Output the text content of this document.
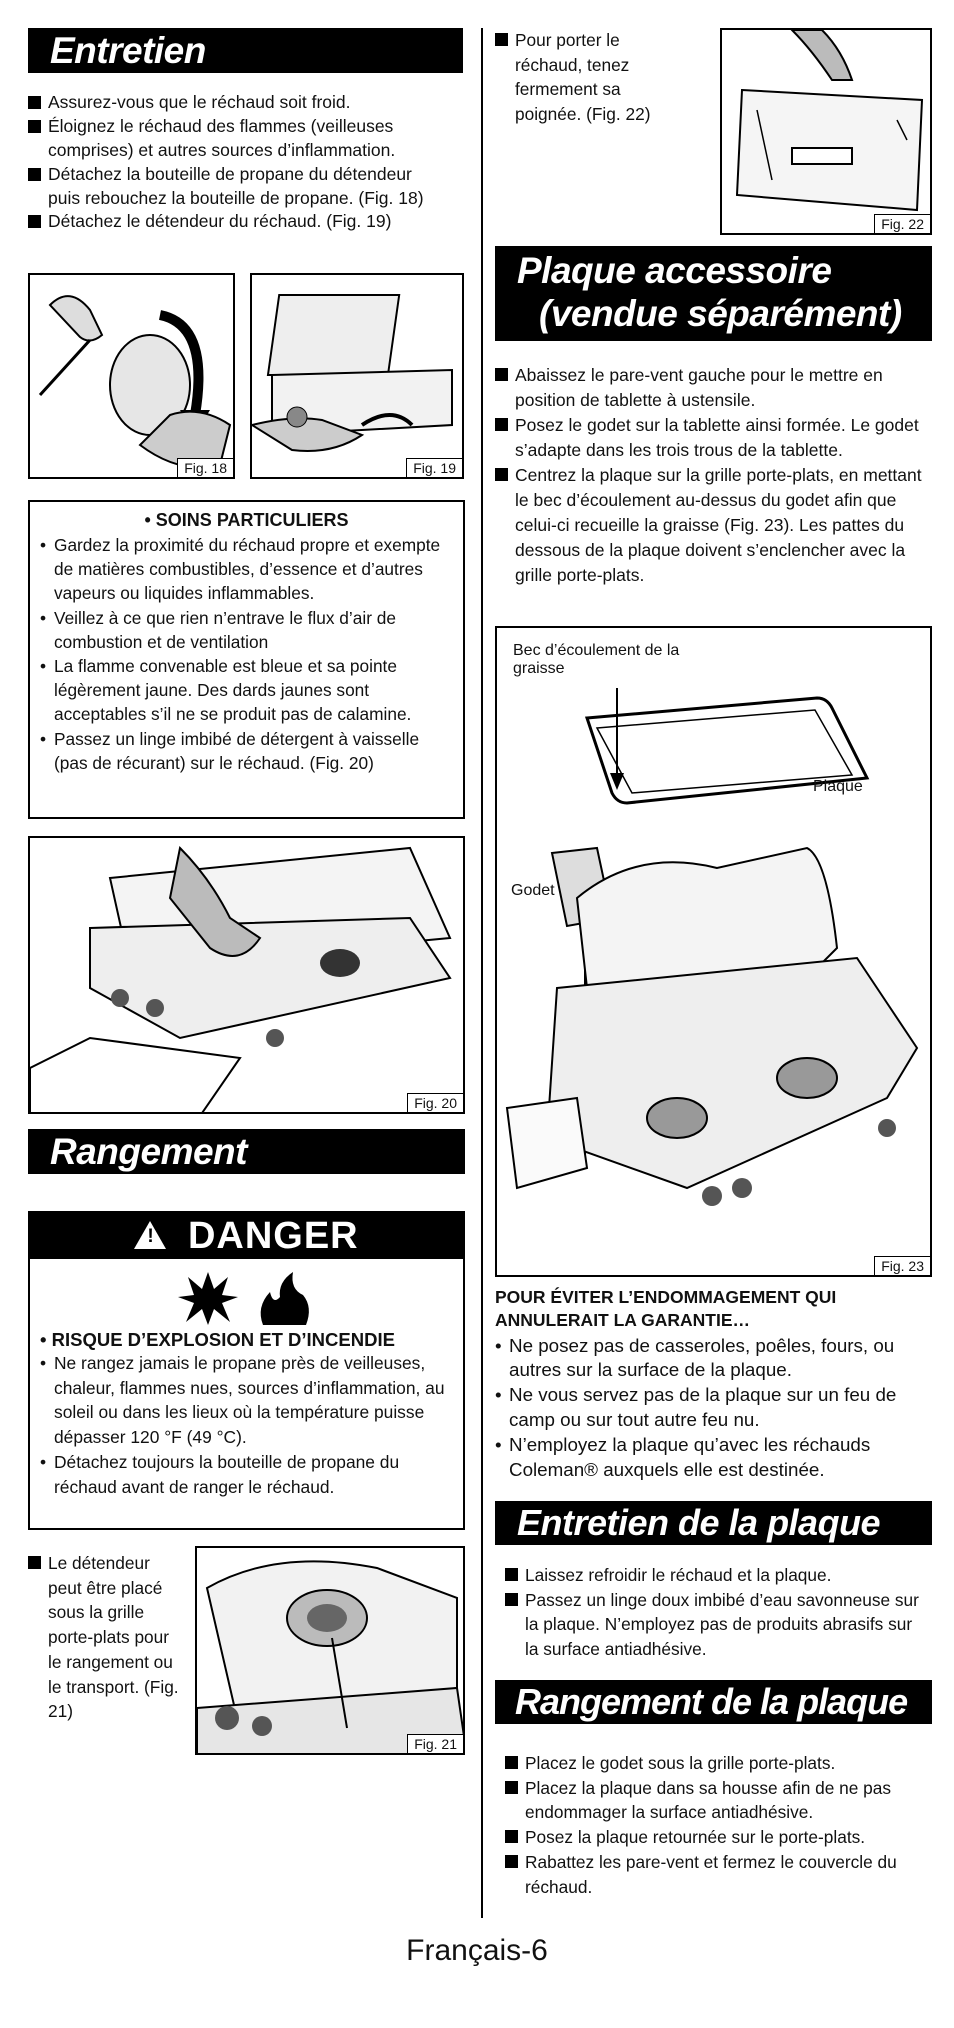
Entretien
Assurez-vous que le réchaud soit froid.
Éloignez le réchaud des flammes (veilleuses comprises) et autres sources d’inflammation.
Détachez la bouteille de propane du détendeur puis rebouchez la bouteille de propane. (Fig. 18)
Détachez le détendeur du réchaud. (Fig. 19)
Fig. 18	Fig. 19
• SOINS PARTICULIERS
• Gardez la proximité du réchaud propre et exempte de matières combustibles, d’essence et d’autres vapeurs ou liquides inflammables.
• Veillez à ce que rien n’entrave le flux d’air de combustion et de ventilation
• La flamme convenable est bleue et sa pointe légèrement jaune. Des dards jaunes sont acceptables s’il ne se produit pas de calamine.
• Passez un linge imbibé de détergent à vaisselle (pas de récurant) sur le réchaud. (Fig. 20)
Fig. 20
Rangement
! DANGER
• RISQUE D’EXPLOSION ET D’INCENDIE
• Ne rangez jamais le propane près de veilleuses, chaleur, flammes nues, sources d’inflammation, au soleil ou dans les lieux où la température puisse dépasser 120 °F (49 °C).
• Détachez toujours la bouteille de propane du réchaud avant de ranger le réchaud.
Le détendeur peut être placé sous la grille porte-plats pour le rangement ou le transport. (Fig. 21)
Fig. 21
Pour porter le réchaud, tenez fermement sa poignée. (Fig. 22)
Fig. 22
Plaque accessoire
(vendue séparément)
Abaissez le pare-vent gauche pour le mettre en position de tablette à ustensile.
Posez le godet sur la tablette ainsi formée. Le godet s’adapte dans les trois trous de la tablette.
Centrez la plaque sur la grille porte-plats, en mettant le bec d’écoulement au-dessus du godet afin que celui-ci recueille la graisse (Fig. 23). Les pattes du dessous de la plaque doivent s’enclencher avec la grille porte-plats.
Bec d’écoulement de la graisse
Plaque
Godet
Fig. 23
POUR ÉVITER L’ENDOMMAGEMENT QUI ANNULERAIT LA GARANTIE…
• Ne posez pas de casseroles, poêles, fours, ou autres sur la surface de la plaque.
• Ne vous servez pas de la plaque sur un feu de camp ou sur tout autre feu nu.
• N’employez la plaque qu’avec les réchauds Coleman® auxquels elle est destinée.
Entretien de la plaque
Laissez refroidir le réchaud et la plaque.
Passez un linge doux imbibé d’eau savonneuse sur la plaque. N’employez pas de produits abrasifs sur la surface antiadhésive.
Rangement de la plaque
Placez le godet sous la grille porte-plats.
Placez la plaque dans sa housse afin de ne pas endommager la surface antiadhésive.
Posez la plaque retournée sur le porte-plats.
Rabattez les pare-vent et fermez le couvercle du réchaud.
Français-6
